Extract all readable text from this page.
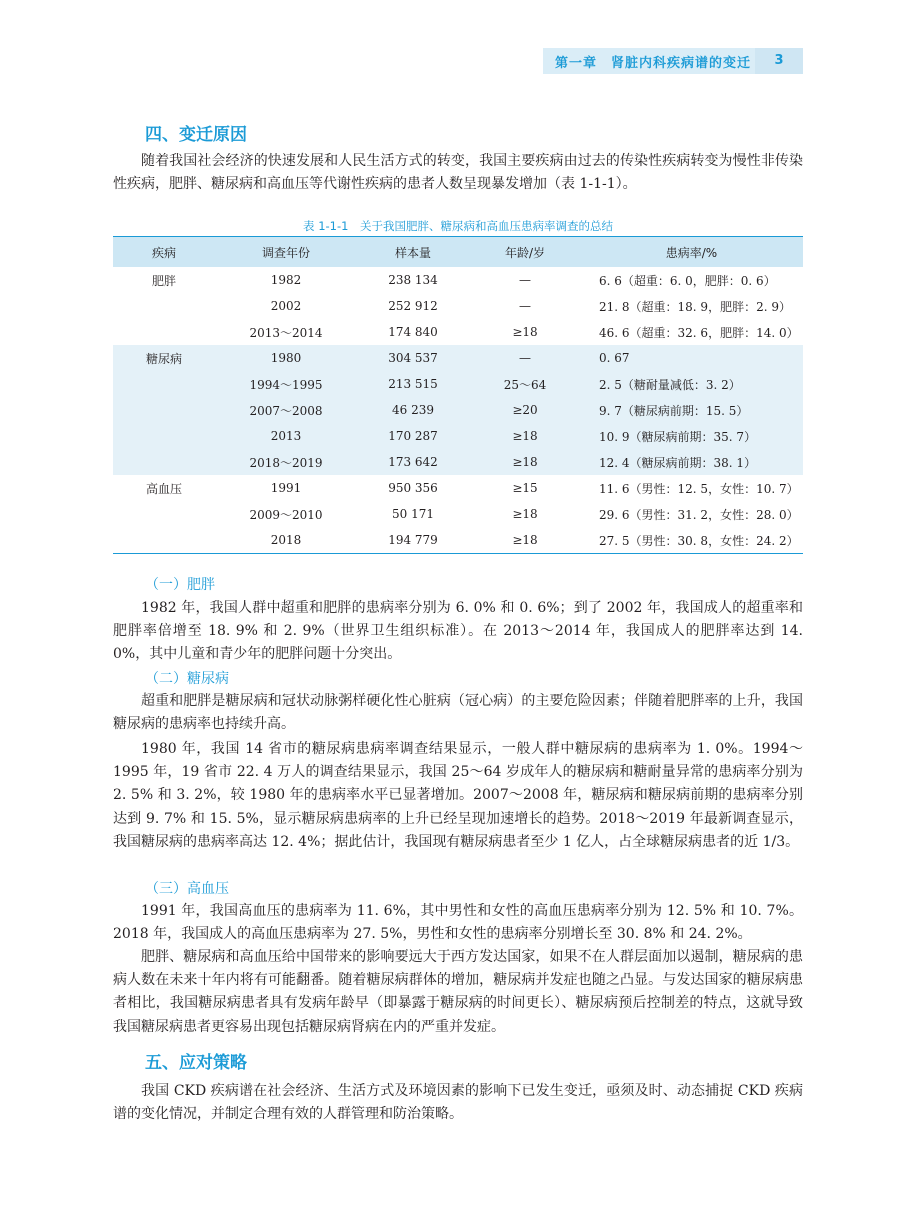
第一章　肾脏内科疾病谱的变迁	3
四、变迁原因

随着我国社会经济的快速发展和人民生活方式的转变，我国主要疾病由过去的传染性疾病转变为慢性非传染性疾病，肥胖、糖尿病和高血压等代谢性疾病的患者人数呈现暴发增加（表 1-1-1）。

表 1-1-1　关于我国肥胖、糖尿病和高血压患病率调查的总结
疾病	调查年份	样本量	年龄/岁	患病率/%
肥胖	1982	238 134	—	6. 6（超重：6. 0，肥胖：0. 6）
	2002	252 912	—	21. 8（超重：18. 9，肥胖：2. 9）
	2013～2014	174 840	≥18	46. 6（超重：32. 6，肥胖：14. 0）
糖尿病	1980	304 537	—	0. 67
	1994～1995	213 515	25～64	2. 5（糖耐量减低：3. 2）
	2007～2008	46 239	≥20	9. 7（糖尿病前期：15. 5）
	2013	170 287	≥18	10. 9（糖尿病前期：35. 7）
	2018～2019	173 642	≥18	12. 4（糖尿病前期：38. 1）
高血压	1991	950 356	≥15	11. 6（男性：12. 5，女性：10. 7）
	2009～2010	50 171	≥18	29. 6（男性：31. 2，女性：28. 0）
	2018	194 779	≥18	27. 5（男性：30. 8，女性：24. 2）
（一）肥胖

1982 年，我国人群中超重和肥胖的患病率分别为 6. 0% 和 0. 6%；到了 2002 年，我国成人的超重率和肥胖率倍增至 18. 9% 和 2. 9%（世界卫生组织标准）。在 2013～2014 年，我国成人的肥胖率达到 14. 0%，其中儿童和青少年的肥胖问题十分突出。

（二）糖尿病

超重和肥胖是糖尿病和冠状动脉粥样硬化性心脏病（冠心病）的主要危险因素；伴随着肥胖率的上升，我国糖尿病的患病率也持续升高。

1980 年，我国 14 省市的糖尿病患病率调查结果显示，一般人群中糖尿病的患病率为 1. 0%。1994～1995 年，19 省市 22. 4 万人的调查结果显示，我国 25～64 岁成年人的糖尿病和糖耐量异常的患病率分别为 2. 5% 和 3. 2%，较 1980 年的患病率水平已显著增加。2007～2008 年，糖尿病和糖尿病前期的患病率分别达到 9. 7% 和 15. 5%，显示糖尿病患病率的上升已经呈现加速增长的趋势。2018～2019 年最新调查显示，我国糖尿病的患病率高达 12. 4%；据此估计，我国现有糖尿病患者至少 1 亿人，占全球糖尿病患者的近 1/3。

（三）高血压

1991 年，我国高血压的患病率为 11. 6%，其中男性和女性的高血压患病率分别为 12. 5% 和 10. 7%。2018 年，我国成人的高血压患病率为 27. 5%，男性和女性的患病率分别增长至 30. 8% 和 24. 2%。

肥胖、糖尿病和高血压给中国带来的影响要远大于西方发达国家，如果不在人群层面加以遏制，糖尿病的患病人数在未来十年内将有可能翻番。随着糖尿病群体的增加，糖尿病并发症也随之凸显。与发达国家的糖尿病患者相比，我国糖尿病患者具有发病年龄早（即暴露于糖尿病的时间更长）、糖尿病预后控制差的特点，这就导致我国糖尿病患者更容易出现包括糖尿病肾病在内的严重并发症。

五、应对策略

我国 CKD 疾病谱在社会经济、生活方式及环境因素的影响下已发生变迁，亟须及时、动态捕捉 CKD 疾病谱的变化情况，并制定合理有效的人群管理和防治策略。
